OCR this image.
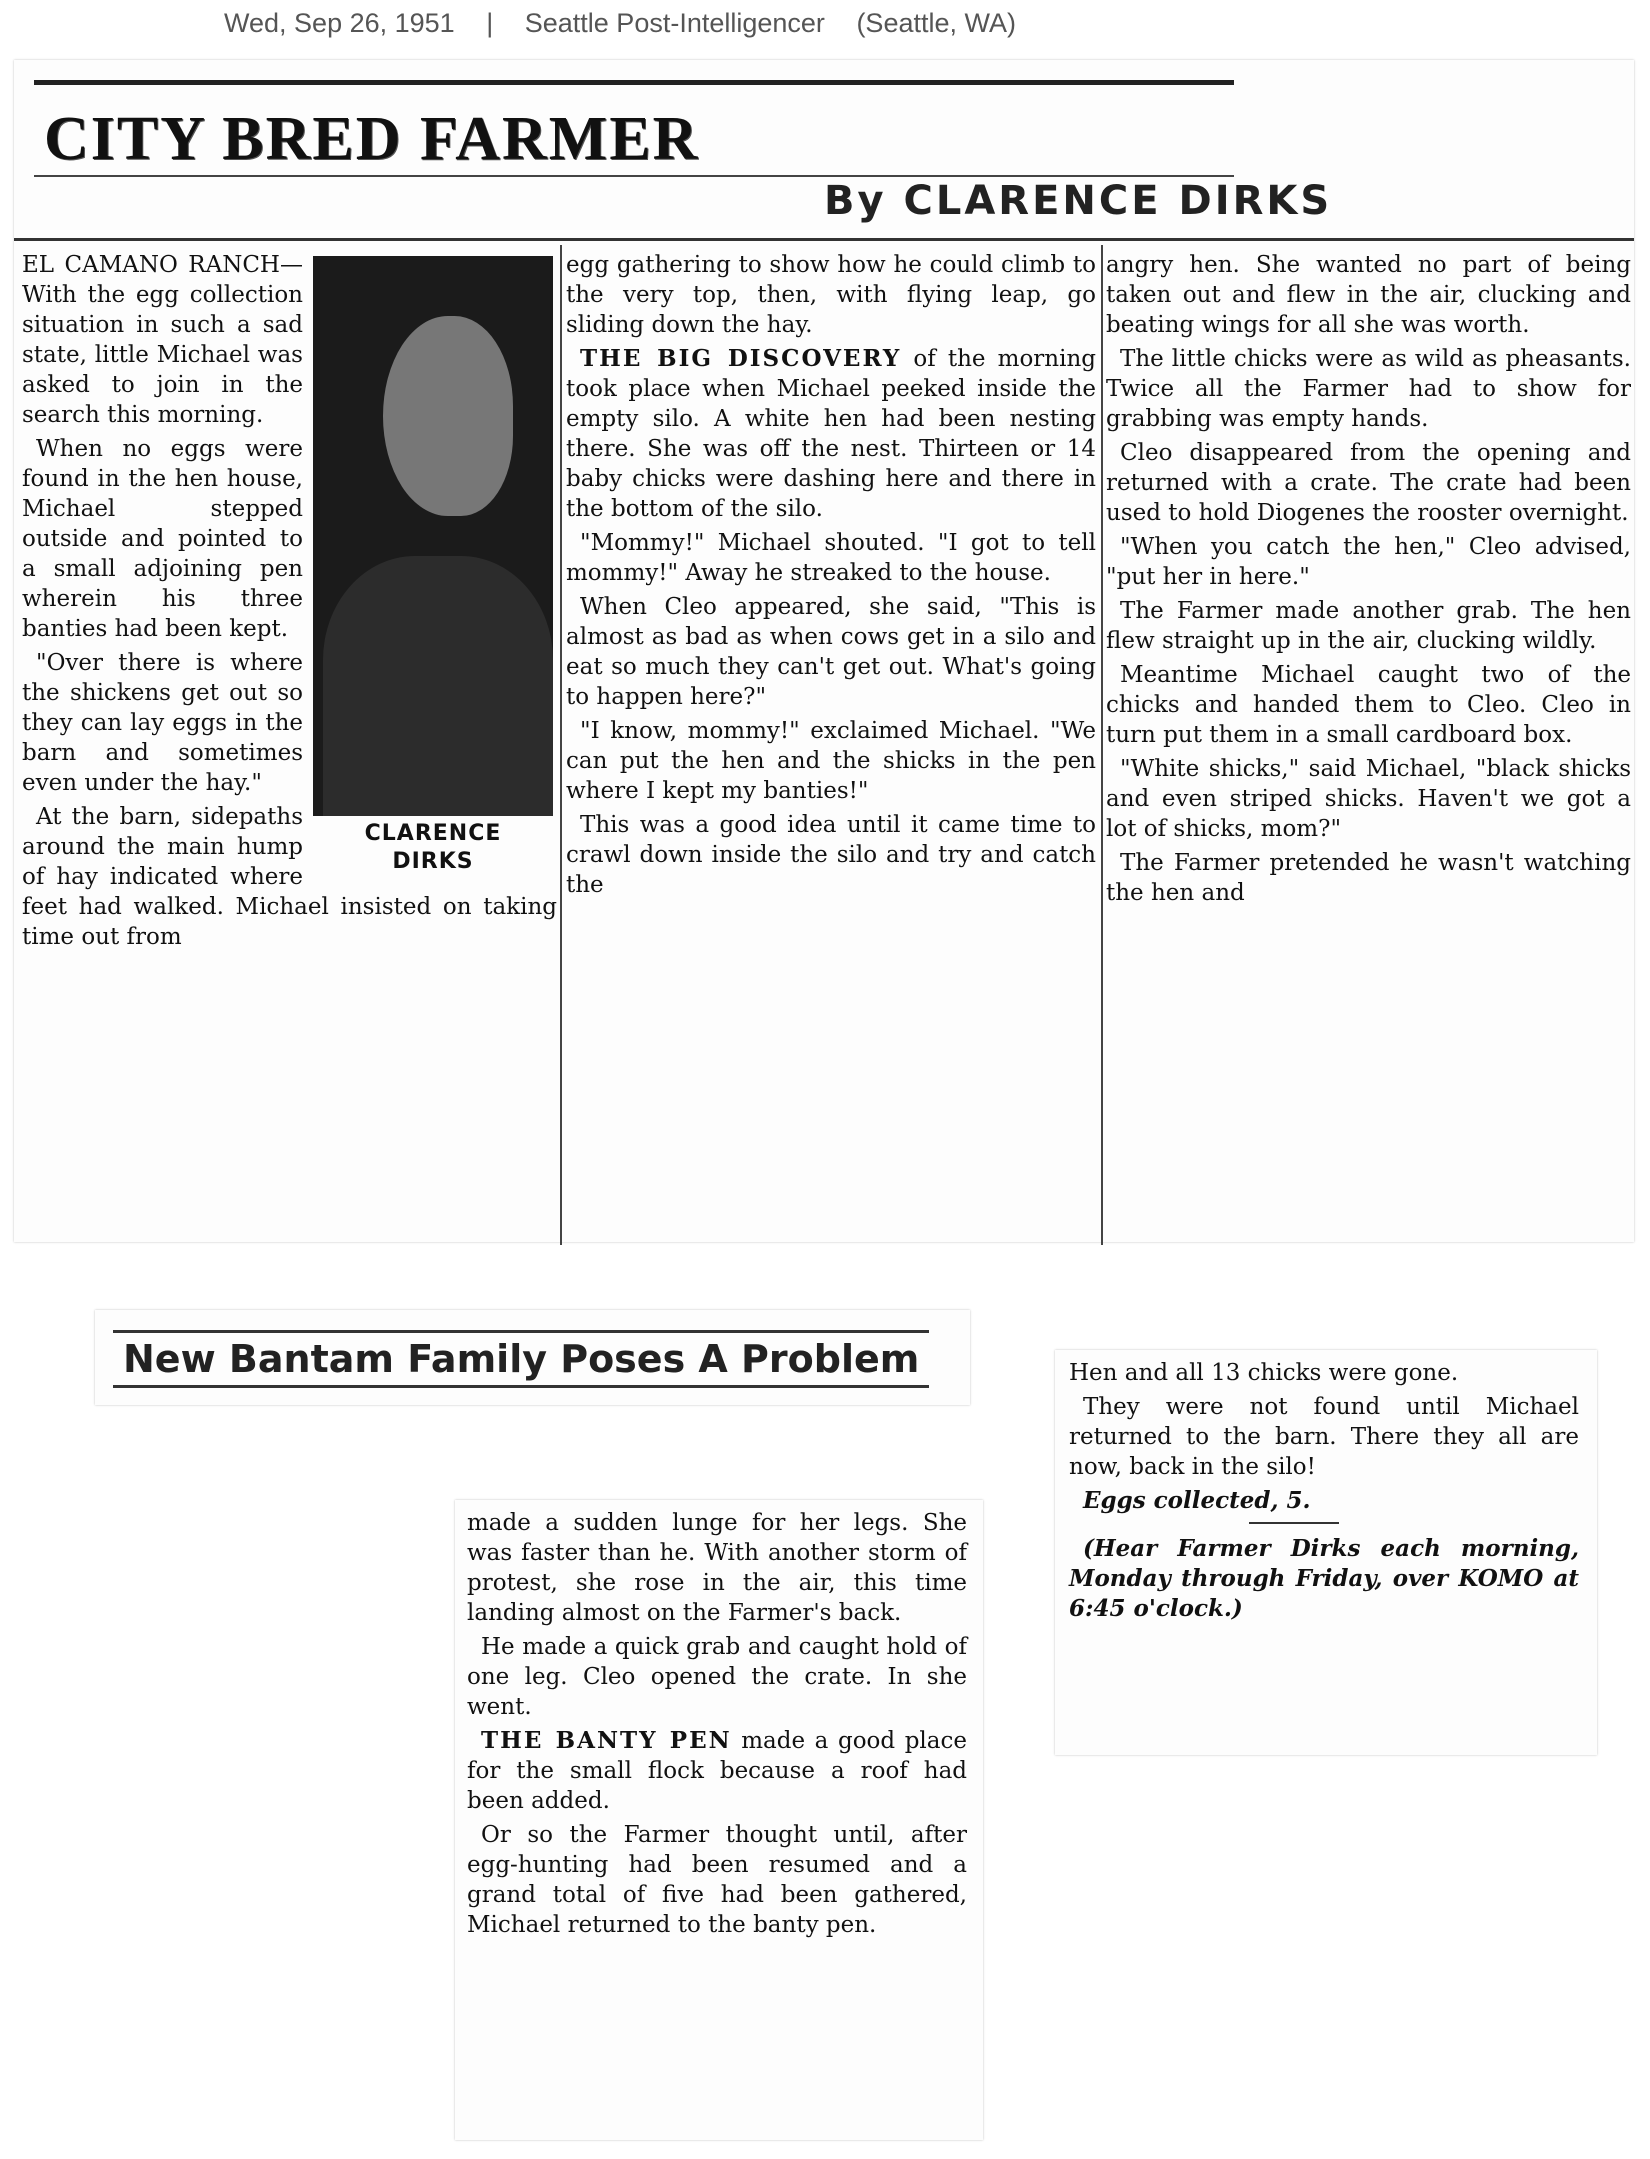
Wed, Sep 26, 1951 | Seattle Post-Intelligencer (Seattle, WA)
CITY BRED FARMER
By CLARENCE DIRKS
CLARENCE
DIRKS

EL CAMANO RANCH—With the egg collection situation in such a sad state, little Michael was asked to join in the search this morning.

When no eggs were found in the hen house, Michael stepped outside and pointed to a small adjoining pen wherein his three banties had been kept.

"Over there is where the shickens get out so they can lay eggs in the barn and sometimes even under the hay."

At the barn, sidepaths around the main hump of hay indicated where feet had walked. Michael insisted on taking time out from

egg gathering to show how he could climb to the very top, then, with flying leap, go sliding down the hay.

THE BIG DISCOVERY of the morning took place when Michael peeked inside the empty silo. A white hen had been nesting there. She was off the nest. Thirteen or 14 baby chicks were dashing here and there in the bottom of the silo.

"Mommy!" Michael shouted. "I got to tell mommy!" Away he streaked to the house.

When Cleo appeared, she said, "This is almost as bad as when cows get in a silo and eat so much they can't get out. What's going to happen here?"

"I know, mommy!" exclaimed Michael. "We can put the hen and the shicks in the pen where I kept my banties!"

This was a good idea until it came time to crawl down inside the silo and try and catch the

angry hen. She wanted no part of being taken out and flew in the air, clucking and beating wings for all she was worth.

The little chicks were as wild as pheasants. Twice all the Farmer had to show for grabbing was empty hands.

Cleo disappeared from the opening and returned with a crate. The crate had been used to hold Diogenes the rooster overnight.

"When you catch the hen," Cleo advised, "put her in here."

The Farmer made another grab. The hen flew straight up in the air, clucking wildly.

Meantime Michael caught two of the chicks and handed them to Cleo. Cleo in turn put them in a small cardboard box.

"White shicks," said Michael, "black shicks and even striped shicks. Haven't we got a lot of shicks, mom?"

The Farmer pretended he wasn't watching the hen and

New Bantam Family Poses A Problem

made a sudden lunge for her legs. She was faster than he. With another storm of protest, she rose in the air, this time landing almost on the Farmer's back.

He made a quick grab and caught hold of one leg. Cleo opened the crate. In she went.

THE BANTY PEN made a good place for the small flock because a roof had been added.

Or so the Farmer thought until, after egg-hunting had been resumed and a grand total of five had been gathered, Michael returned to the banty pen.

Hen and all 13 chicks were gone.

They were not found until Michael returned to the barn. There they all are now, back in the silo!

Eggs collected, 5.

(Hear Farmer Dirks each morning, Monday through Friday, over KOMO at 6:45 o'clock.)
